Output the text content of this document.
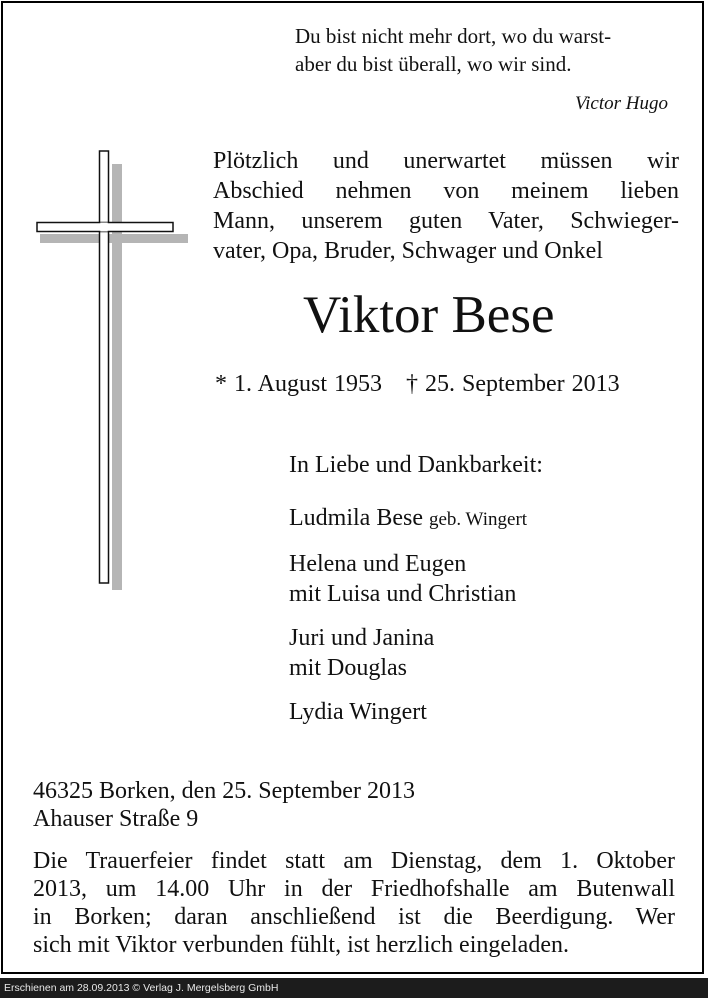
Du bist nicht mehr dort, wo du warst-
aber du bist überall, wo wir sind.
Victor Hugo
Plötzlich und unerwartet müssen wir
Abschied nehmen von meinem lieben
Mann, unserem guten Vater, Schwieger-
vater, Opa, Bruder, Schwager und Onkel
Viktor Bese
* 1. August 1953 † 25. September 2013
In Liebe und Dankbarkeit:
Ludmila Bese geb. Wingert
Helena und Eugen
mit Luisa und Christian
Juri und Janina
mit Douglas
Lydia Wingert
46325 Borken, den 25. September 2013
Ahauser Straße 9
Die Trauerfeier findet statt am Dienstag, dem 1. Oktober
2013, um 14.00 Uhr in der Friedhofshalle am Butenwall
in Borken; daran anschließend ist die Beerdigung. Wer
sich mit Viktor verbunden fühlt, ist herzlich eingeladen.
Erschienen am 28.09.2013 © Verlag J. Mergelsberg GmbH
